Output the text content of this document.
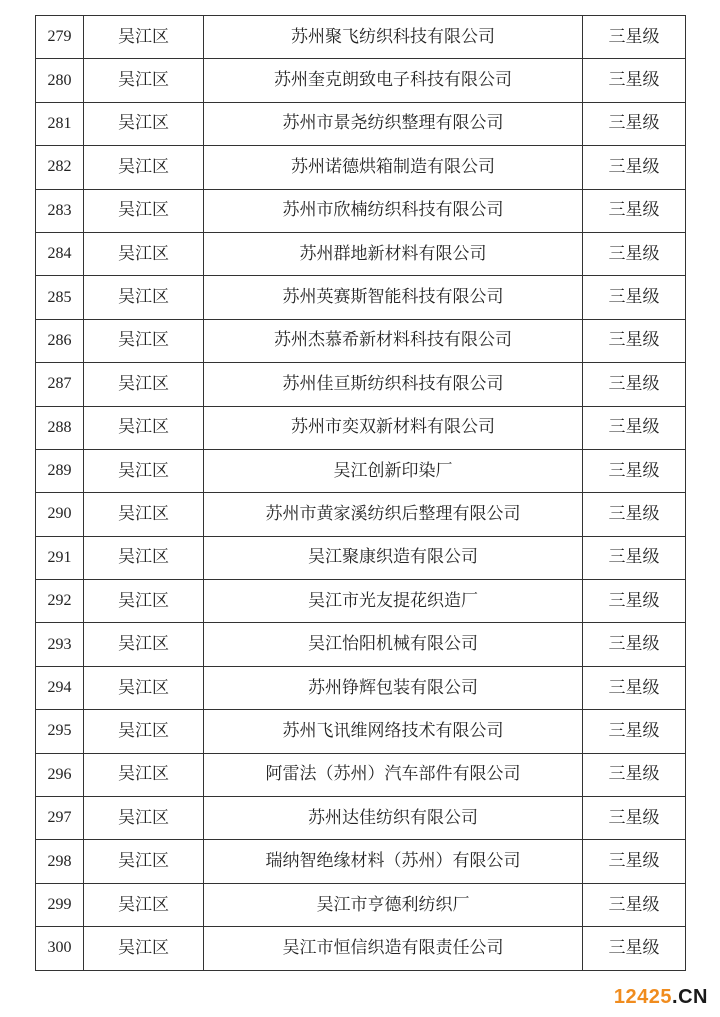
279	吴江区	苏州聚飞纺织科技有限公司	三星级
280	吴江区	苏州奎克朗致电子科技有限公司	三星级
281	吴江区	苏州市景尧纺织整理有限公司	三星级
282	吴江区	苏州诺德烘箱制造有限公司	三星级
283	吴江区	苏州市欣楠纺织科技有限公司	三星级
284	吴江区	苏州群地新材料有限公司	三星级
285	吴江区	苏州英赛斯智能科技有限公司	三星级
286	吴江区	苏州杰慕希新材料科技有限公司	三星级
287	吴江区	苏州佳亘斯纺织科技有限公司	三星级
288	吴江区	苏州市奕双新材料有限公司	三星级
289	吴江区	吴江创新印染厂	三星级
290	吴江区	苏州市黄家溪纺织后整理有限公司	三星级
291	吴江区	吴江聚康织造有限公司	三星级
292	吴江区	吴江市光友提花织造厂	三星级
293	吴江区	吴江怡阳机械有限公司	三星级
294	吴江区	苏州铮辉包装有限公司	三星级
295	吴江区	苏州飞讯维网络技术有限公司	三星级
296	吴江区	阿雷法（苏州）汽车部件有限公司	三星级
297	吴江区	苏州达佳纺织有限公司	三星级
298	吴江区	瑞纳智绝缘材料（苏州）有限公司	三星级
299	吴江区	吴江市亨德利纺织厂	三星级
300	吴江区	吴江市恒信织造有限责任公司	三星级
12425.CN
